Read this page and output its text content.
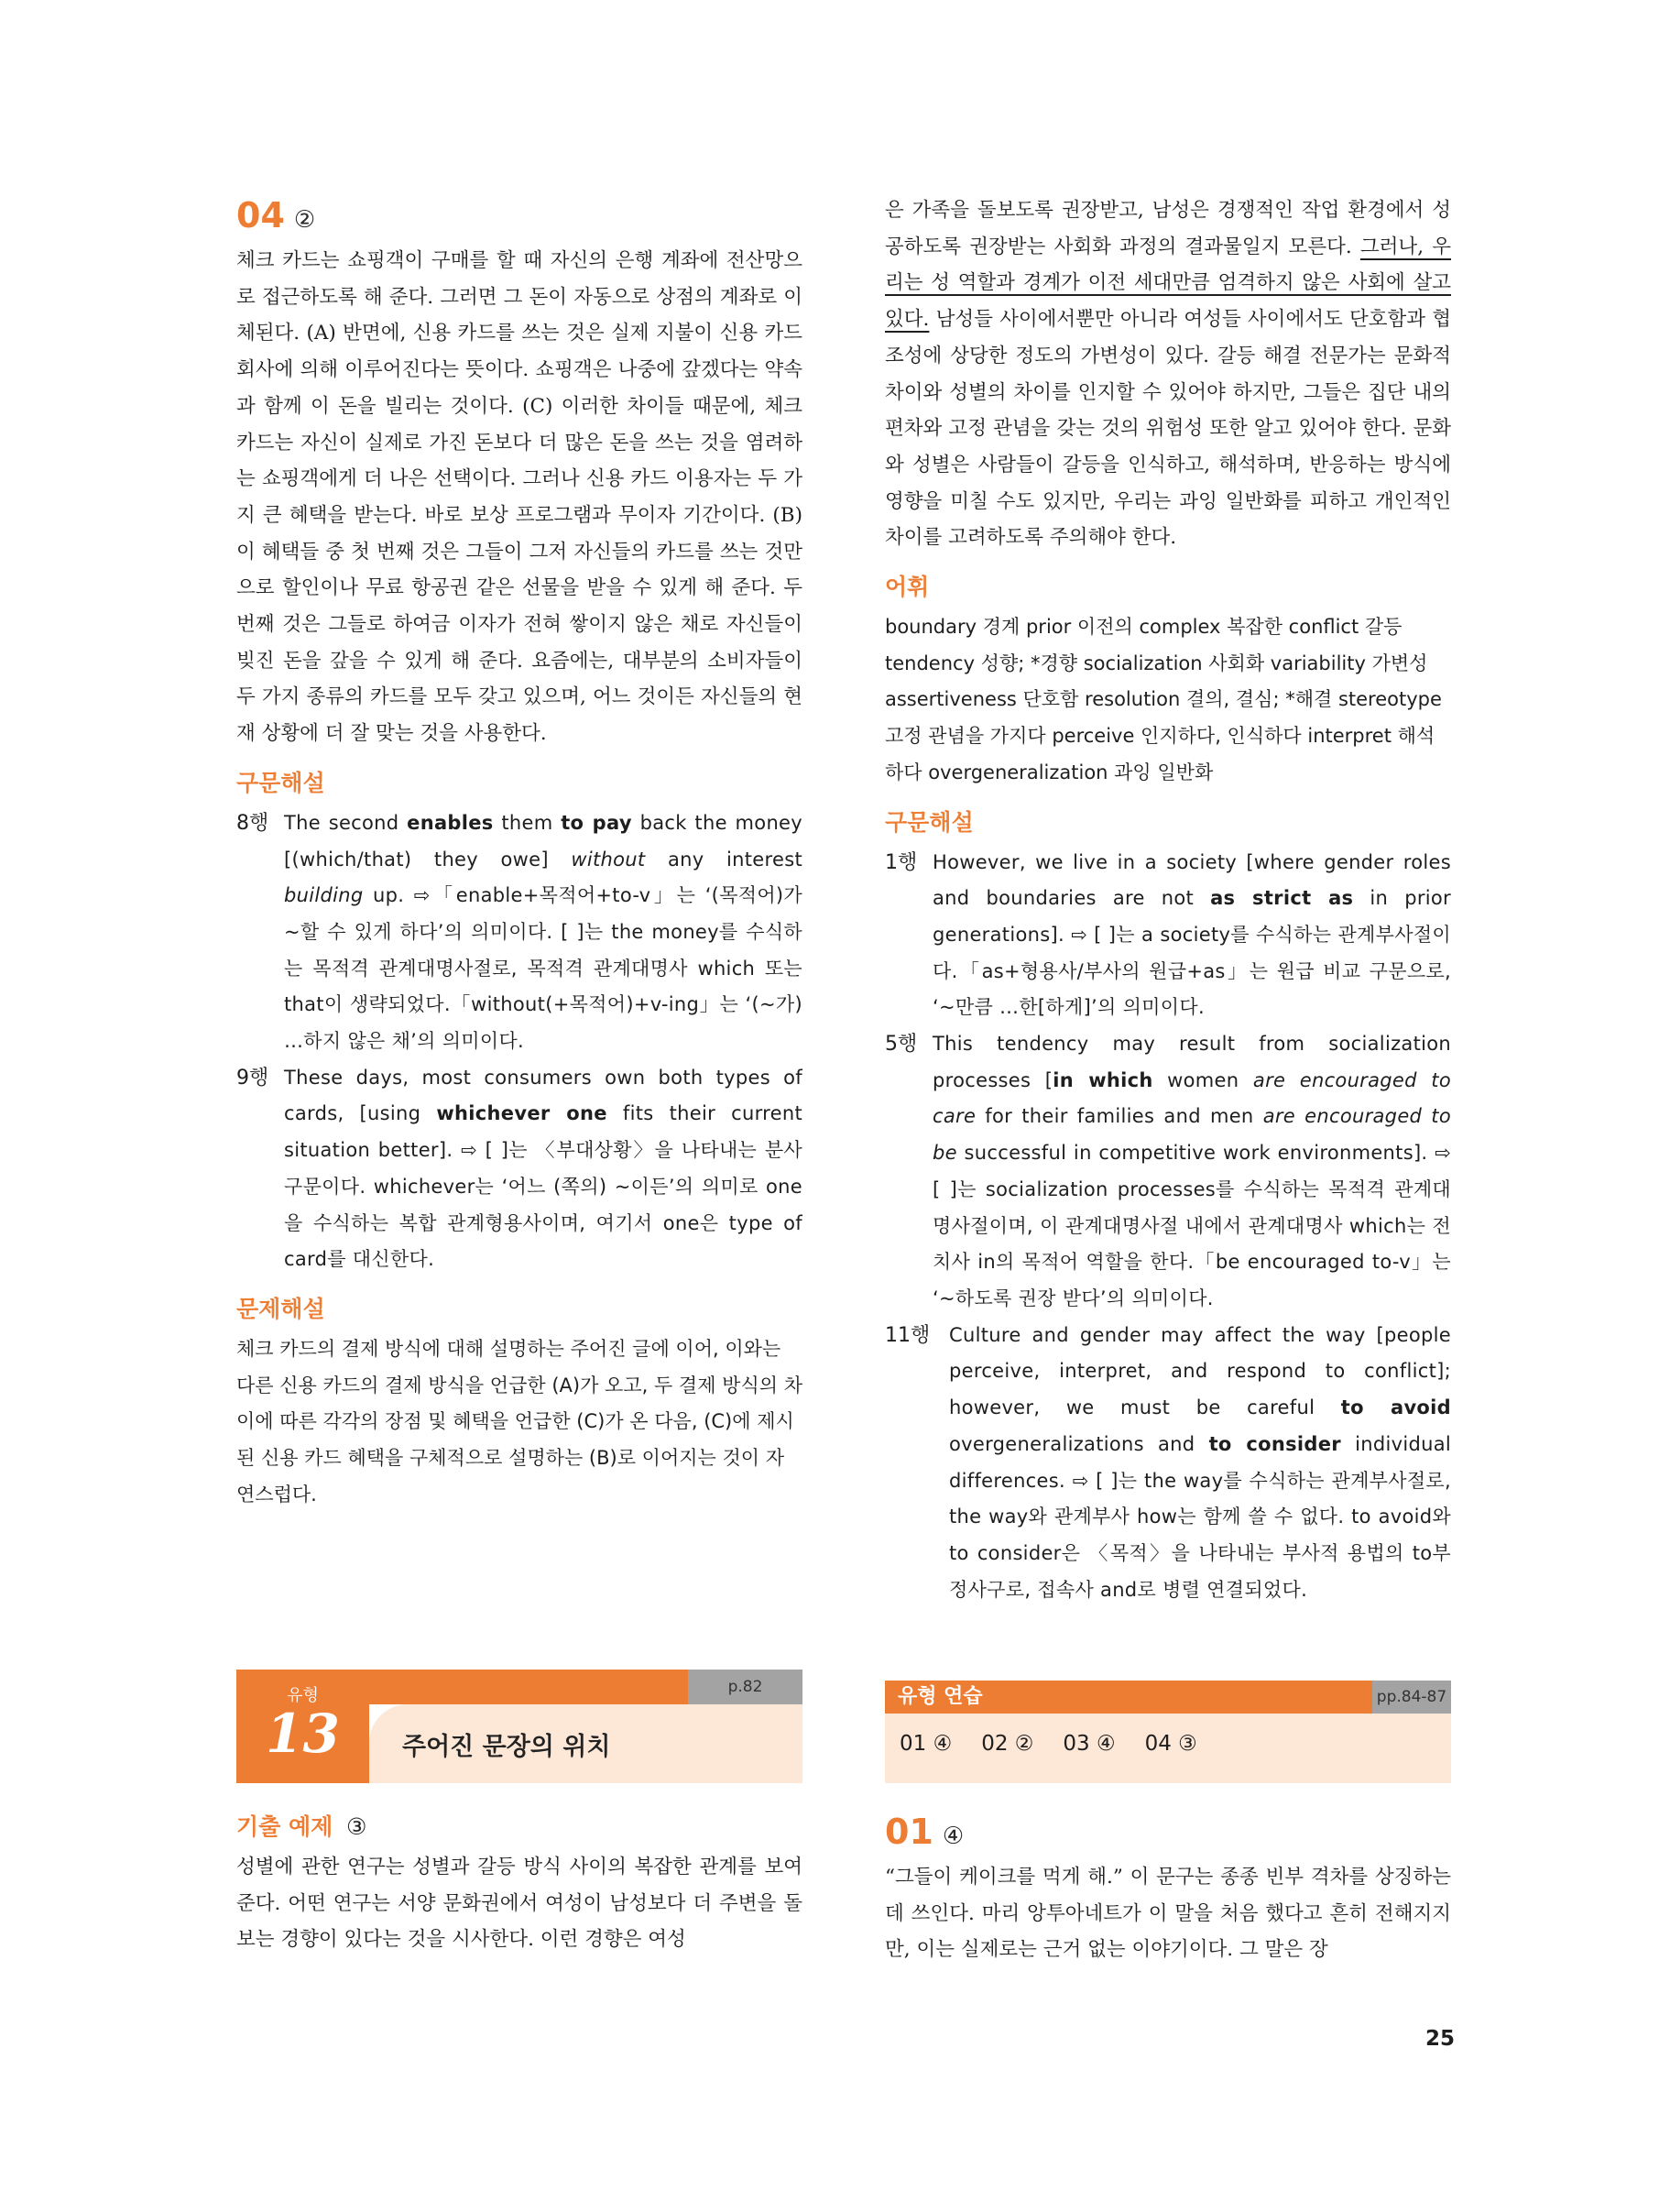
04 ②

체크 카드는 쇼핑객이 구매를 할 때 자신의 은행 계좌에 전산망으로 접근하도록 해 준다. 그러면 그 돈이 자동으로 상점의 계좌로 이체된다. (A) 반면에, 신용 카드를 쓰는 것은 실제 지불이 신용 카드 회사에 의해 이루어진다는 뜻이다. 쇼핑객은 나중에 갚겠다는 약속과 함께 이 돈을 빌리는 것이다. (C) 이러한 차이들 때문에, 체크 카드는 자신이 실제로 가진 돈보다 더 많은 돈을 쓰는 것을 염려하는 쇼핑객에게 더 나은 선택이다. 그러나 신용 카드 이용자는 두 가지 큰 혜택을 받는다. 바로 보상 프로그램과 무이자 기간이다. (B) 이 혜택들 중 첫 번째 것은 그들이 그저 자신들의 카드를 쓰는 것만으로 할인이나 무료 항공권 같은 선물을 받을 수 있게 해 준다. 두 번째 것은 그들로 하여금 이자가 전혀 쌓이지 않은 채로 자신들이 빚진 돈을 갚을 수 있게 해 준다. 요즘에는, 대부분의 소비자들이 두 가지 종류의 카드를 모두 갖고 있으며, 어느 것이든 자신들의 현재 상황에 더 잘 맞는 것을 사용한다.

구문해설
8행 The second enables them to pay back the money [(which/that) they owe] without any interest building up. ⇨「enable+목적어+to-v」는 ‘(목적어)가 ~할 수 있게 하다’의 의미이다. [ ]는 the money를 수식하는 목적격 관계대명사절로, 목적격 관계대명사 which 또는 that이 생략되었다.「without(+목적어)+v-ing」는 ‘(~가) …하지 않은 채’의 의미이다.
9행 These days, most consumers own both types of cards, [using whichever one fits their current situation better]. ⇨ [ ]는 〈부대상황〉을 나타내는 분사구문이다. whichever는 ‘어느 (쪽의) ~이든’의 의미로 one을 수식하는 복합 관계형용사이며, 여기서 one은 type of card를 대신한다.
문제해설

체크 카드의 결제 방식에 대해 설명하는 주어진 글에 이어, 이와는 다른 신용 카드의 결제 방식을 언급한 (A)가 오고, 두 결제 방식의 차이에 따른 각각의 장점 및 혜택을 언급한 (C)가 온 다음, (C)에 제시된 신용 카드 혜택을 구체적으로 설명하는 (B)로 이어지는 것이 자연스럽다.

p.82
주어진 문장의 위치
유형
13
기출 예제 ③

성별에 관한 연구는 성별과 갈등 방식 사이의 복잡한 관계를 보여준다. 어떤 연구는 서양 문화권에서 여성이 남성보다 더 주변을 돌보는 경향이 있다는 것을 시사한다. 이런 경향은 여성

은 가족을 돌보도록 권장받고, 남성은 경쟁적인 작업 환경에서 성공하도록 권장받는 사회화 과정의 결과물일지 모른다. 그러나, 우리는 성 역할과 경계가 이전 세대만큼 엄격하지 않은 사회에 살고 있다. 남성들 사이에서뿐만 아니라 여성들 사이에서도 단호함과 협조성에 상당한 정도의 가변성이 있다. 갈등 해결 전문가는 문화적 차이와 성별의 차이를 인지할 수 있어야 하지만, 그들은 집단 내의 편차와 고정 관념을 갖는 것의 위험성 또한 알고 있어야 한다. 문화와 성별은 사람들이 갈등을 인식하고, 해석하며, 반응하는 방식에 영향을 미칠 수도 있지만, 우리는 과잉 일반화를 피하고 개인적인 차이를 고려하도록 주의해야 한다.

어휘

boundary 경계 prior 이전의 complex 복잡한 conflict 갈등 tendency 성향; *경향 socialization 사회화 variability 가변성 assertiveness 단호함 resolution 결의, 결심; *해결 stereotype 고정 관념을 가지다 perceive 인지하다, 인식하다 interpret 해석하다 overgeneralization 과잉 일반화

구문해설
1행 However, we live in a society [where gender roles and boundaries are not as strict as in prior generations]. ⇨ [ ]는 a society를 수식하는 관계부사절이다.「as+형용사/부사의 원급+as」는 원급 비교 구문으로, ‘~만큼 …한[하게]’의 의미이다.
5행 This tendency may result from socialization processes [in which women are encouraged to care for their families and men are encouraged to be successful in competitive work environments]. ⇨ [ ]는 socialization processes를 수식하는 목적격 관계대명사절이며, 이 관계대명사절 내에서 관계대명사 which는 전치사 in의 목적어 역할을 한다.「be encouraged to-v」는 ‘~하도록 권장 받다’의 의미이다.
11행 Culture and gender may affect the way [people perceive, interpret, and respond to conflict]; however, we must be careful to avoid overgeneralizations and to consider individual differences. ⇨ [ ]는 the way를 수식하는 관계부사절로, the way와 관계부사 how는 함께 쓸 수 없다. to avoid와 to consider은 〈목적〉을 나타내는 부사적 용법의 to부정사구로, 접속사 and로 병렬 연결되었다.
유형 연습	pp.84-87
01 ④ 02 ② 03 ④ 04 ③

01 ④

“그들이 케이크를 먹게 해.” 이 문구는 종종 빈부 격차를 상징하는 데 쓰인다. 마리 앙투아네트가 이 말을 처음 했다고 흔히 전해지지만, 이는 실제로는 근거 없는 이야기이다. 그 말은 장

25
